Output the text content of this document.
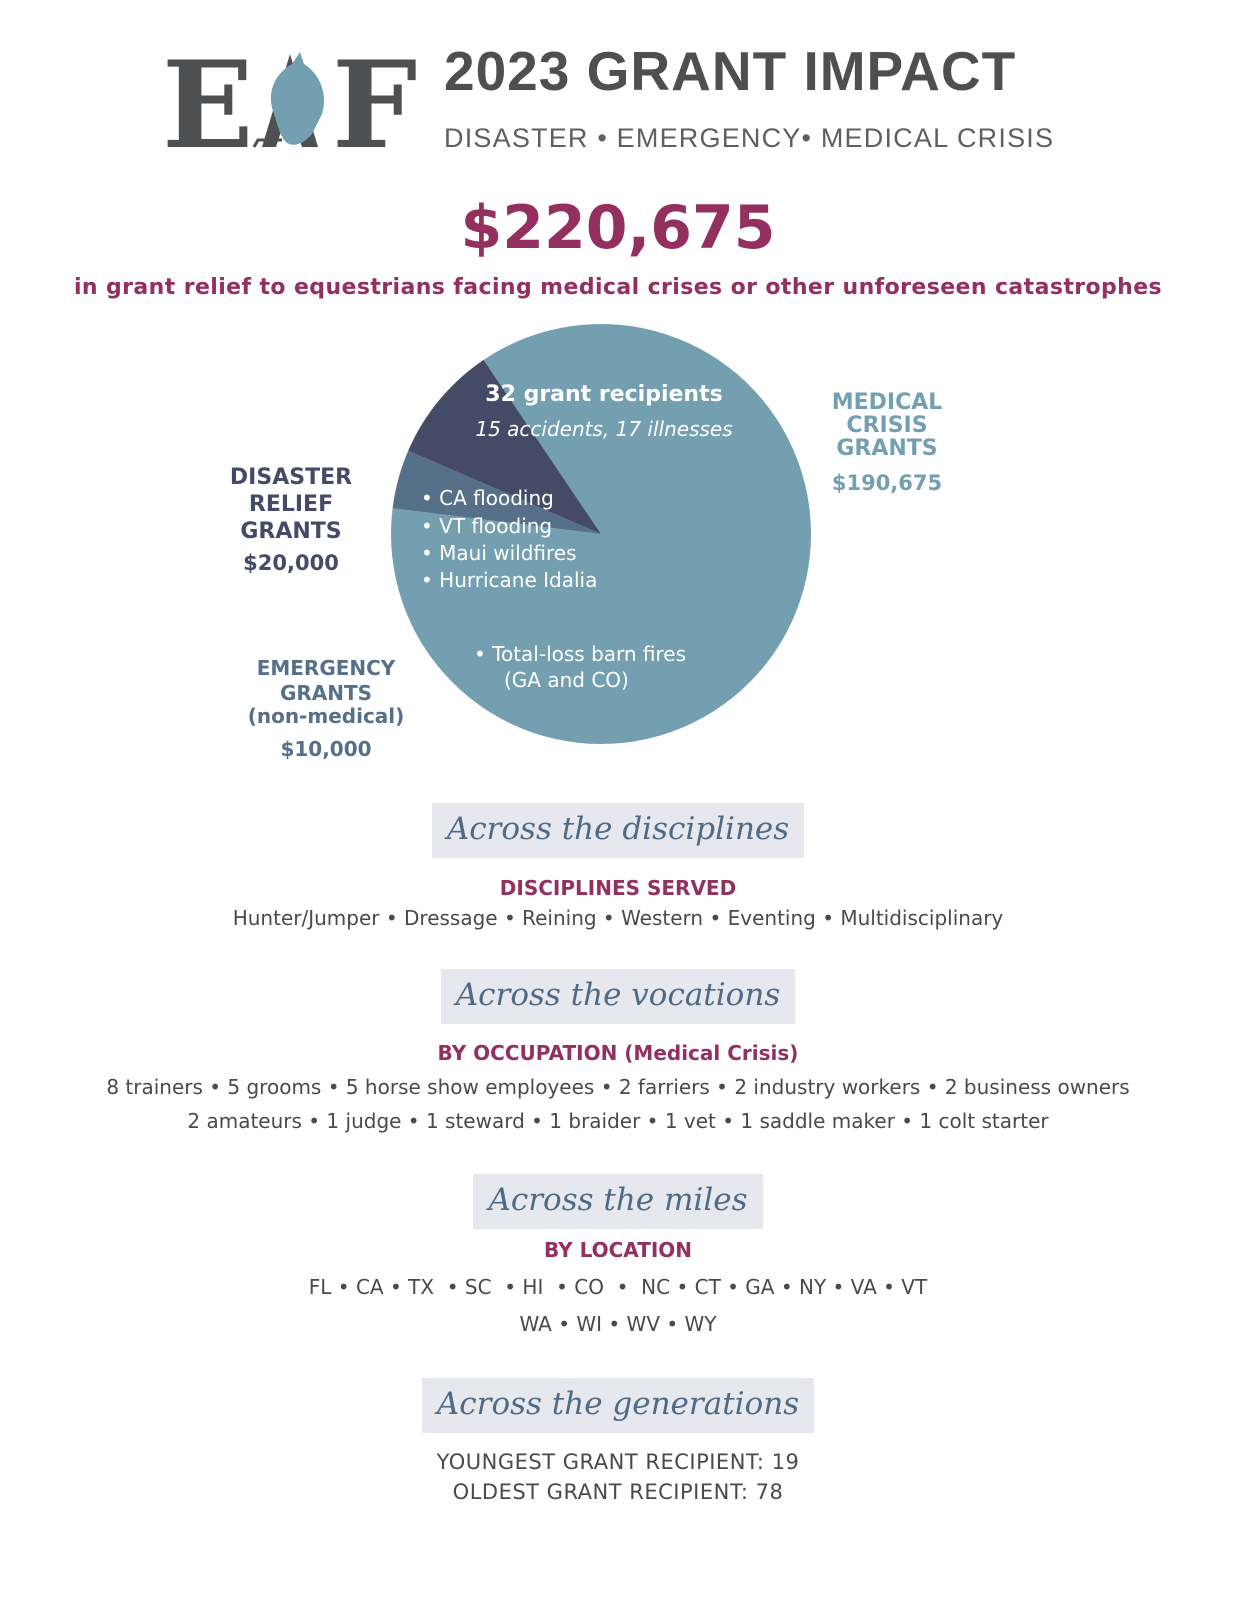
E F 2023 GRANT IMPACT
DISASTER • EMERGENCY• MEDICAL CRISIS
$220,675
in grant relief to equestrians facing medical crises or other unforeseen catastrophes
32 grant recipients
15 accidents, 17 illnesses
• CA flooding
• VT flooding
• Maui wildfires
• Hurricane Idalia
• Total-loss barn fires
(GA and CO)
MEDICAL
CRISIS
GRANTS
$190,675
DISASTER
RELIEF
GRANTS
$20,000
EMERGENCY
GRANTS
(non-medical)
$10,000
Across the disciplines
DISCIPLINES SERVED
Hunter/Jumper • Dressage • Reining • Western • Eventing • Multidisciplinary
Across the vocations
BY OCCUPATION (Medical Crisis)
8 trainers • 5 grooms • 5 horse show employees • 2 farriers • 2 industry workers • 2 business owners
2 amateurs • 1 judge • 1 steward • 1 braider • 1 vet • 1 saddle maker • 1 colt starter
Across the miles
BY LOCATION
FL • CA • TX  • SC  • HI  • CO  •  NC • CT • GA • NY • VA • VT
WA • WI • WV • WY
Across the generations
YOUNGEST GRANT RECIPIENT: 19
OLDEST GRANT RECIPIENT: 78
